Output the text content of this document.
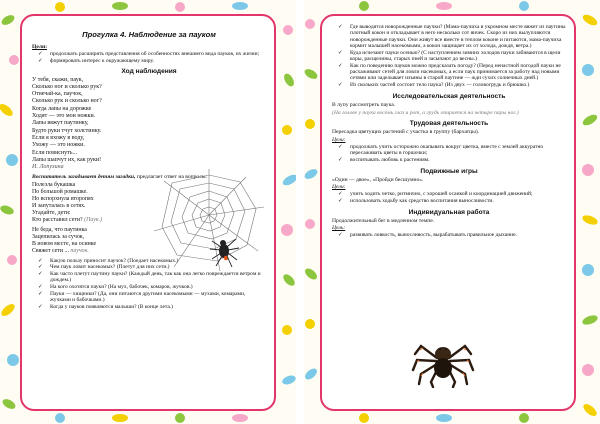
Прогулка 4. Наблюдение за пауком
Цели:
✓ продолжать расширять представления об особенностях внешнего вида пауков, их жизни;
✓ формировать интерес к окружающему миру.
Ход наблюдения
У тебя, скажи, паук,
Сколько ног и сколько рук?
Отвечай-ка, паучок,
Сколько рук и сколько ног?
Когда лапы на дорожке
Ходят — это мои ножки.
Лапы вяжут паутинку,
Будто руки тчут холстинку.
Если я вхожу в воду,
Ухожу — это ножки.
Если повиснуть...
Лапы шапчут их, как руки!
И. Лопухина
Воспитатель загадывает детям загадки, предлагает ответ на вопросы.
Полезла букашка
По большой ромашке.
Но вспорхнула второпях
И запуталась в сетях.
Угадайте, дети:
Кто расставил сети? (Паук.)
Не беда, что паутинка
Зацепилась за сучок,
В новом месте, на осинке
Свяжет сети ... паучок.
✓ Какую пользу приносит паучок? (Поедает насекомых.)
✓ Чем паук ловит насекомых? (Плетут для них сети.)
✓ Как часто плетут паутину пауки? (Каждый день, так как она легко повреждается ветром и дождем.)
✓ На кого охотятся пауки? (На мух, бабочек, комаров, жучков.)
✓ Пауки — хищники? (Да, они питаются другими насекомыми — мухами, комарами, жучками и бабочками.)
✓ Когда у пауков появляются малыши? (В конце лета.)
✓ Где выводятся новорожденные паучки? (Мама-паучиха в укромном месте вяжет из паутины плотный кокон и откладывает в него несколько сот яичек. Скоро из них вылупляются новорожденные паучки. Они живут все вместе в теплом коконе и питаются, мама-паучиха кормит малышей насекомыми, а кокон защищает их от холода, дождя, ветра.)
✓ Куда исчезают пауки осенью? (С наступлением зимних холодов пауки забиваются в щели коры, расщелины, старых пней и засыпают до весны.)
✓ Как по поведению пауков можно предсказать погоду? (Перед ненастной погодой пауки не расхаживают сетей для ловли насекомых, а если паук принимается за работу над новыми сетями или заделывает изъяны в старой паутине — жди сухих солнечных дней.)
✓ Из скольких частей состоит тело паука? (Из двух — головогрудь и брюшко.)
Исследовательская деятельность
В лупу рассмотреть паука.
(На голове у паука восемь глаз и рот, а грудь опирается на четыре пары ног.)
Трудовая деятельность
Пересадка цветущих растений с участка в группу (бархатцы).
Цели:
✓ продолжать учить осторожно окапывать вокруг цветка, вместе с землей аккуратно пересаживать цветы в горшочки;
✓ воспитывать любовь к растениям.
Подвижные игры
«Один — двое», «Пройди бесшумно».
Цели:
✓ учить ходить четко, ритмично, с хорошей осанкой и координацией движений;
✓ использовать ходьбу как средство воспитания выносливости.
Индивидуальная работа
Продолжительный бег в медленном темпе.
Цель:
✓ развивать ловкость, выносливость, вырабатывать правильное дыхание.
